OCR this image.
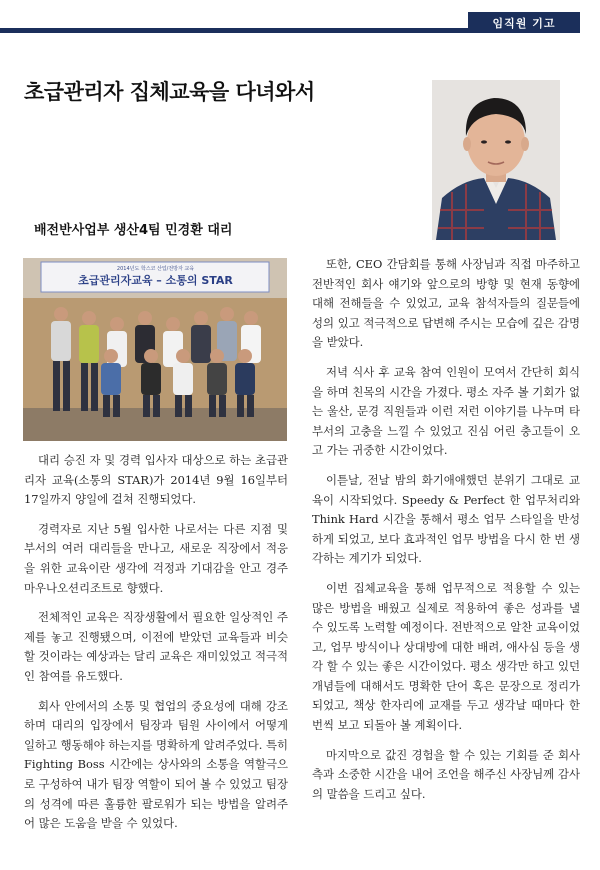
임직원 기고
초급관리자 집체교육을 다녀와서
배전반사업부 생산4팀 민경환 대리
2014년도 학스코 산업/전방자 교육
초급관리자교육 – 소통의 STAR

대리 승진 자 및 경력 입사자 대상으로 하는 초급관리자 교육(소통의 STAR)가 2014년 9월 16일부터 17일까지 양일에 걸쳐 진행되었다.

경력자로 지난 5월 입사한 나로서는 다른 지점 및 부서의 여러 대리들을 만나고, 새로운 직장에서 적응을 위한 교육이란 생각에 걱정과 기대감을 안고 경주 마우나오션리조트로 향했다.

전체적인 교육은 직장생활에서 필요한 일상적인 주제를 놓고 진행됐으며, 이전에 받았던 교육들과 비슷할 것이라는 예상과는 달리 교육은 재미있었고 적극적인 참여를 유도했다.

회사 안에서의 소통 및 협업의 중요성에 대해 강조하며 대리의 입장에서 팀장과 팀원 사이에서 어떻게 일하고 행동해야 하는지를 명확하게 알려주었다. 특히 Fighting Boss 시간에는 상사와의 소통을 역할극으로 구성하여 내가 팀장 역할이 되어 볼 수 있었고 팀장의 성격에 따른 훌륭한 팔로워가 되는 방법을 알려주어 많은 도움을 받을 수 있었다.

또한, CEO 간담회를 통해 사장님과 직접 마주하고 전반적인 회사 얘기와 앞으로의 방향 및 현재 동향에 대해 전해들을 수 있었고, 교육 참석자들의 질문들에 성의 있고 적극적으로 답변해 주시는 모습에 깊은 감명을 받았다.

저녁 식사 후 교육 참여 인원이 모여서 간단히 회식을 하며 친목의 시간을 가졌다. 평소 자주 볼 기회가 없는 울산, 문경 직원들과 이런 저런 이야기를 나누며 타 부서의 고충을 느낄 수 있었고 진심 어린 충고들이 오고 가는 귀중한 시간이었다.

이튿날, 전날 밤의 화기애애했던 분위기 그대로 교육이 시작되었다. Speedy & Perfect 한 업무처리와 Think Hard 시간을 통해서 평소 업무 스타일을 반성하게 되었고, 보다 효과적인 업무 방법을 다시 한 번 생각하는 계기가 되었다.

이번 집체교육을 통해 업무적으로 적용할 수 있는 많은 방법을 배웠고 실제로 적용하여 좋은 성과를 낼 수 있도록 노력할 예정이다. 전반적으로 알찬 교육이었고, 업무 방식이나 상대방에 대한 배려, 애사심 등을 생각 할 수 있는 좋은 시간이었다. 평소 생각만 하고 있던 개념들에 대해서도 명확한 단어 혹은 문장으로 정리가 되었고, 책상 한자리에 교재를 두고 생각날 때마다 한번씩 보고 되돌아 볼 계획이다.

마지막으로 값진 경험을 할 수 있는 기회를 준 회사 측과 소중한 시간을 내어 조언을 해주신 사장님께 감사의 말씀을 드리고 싶다.
